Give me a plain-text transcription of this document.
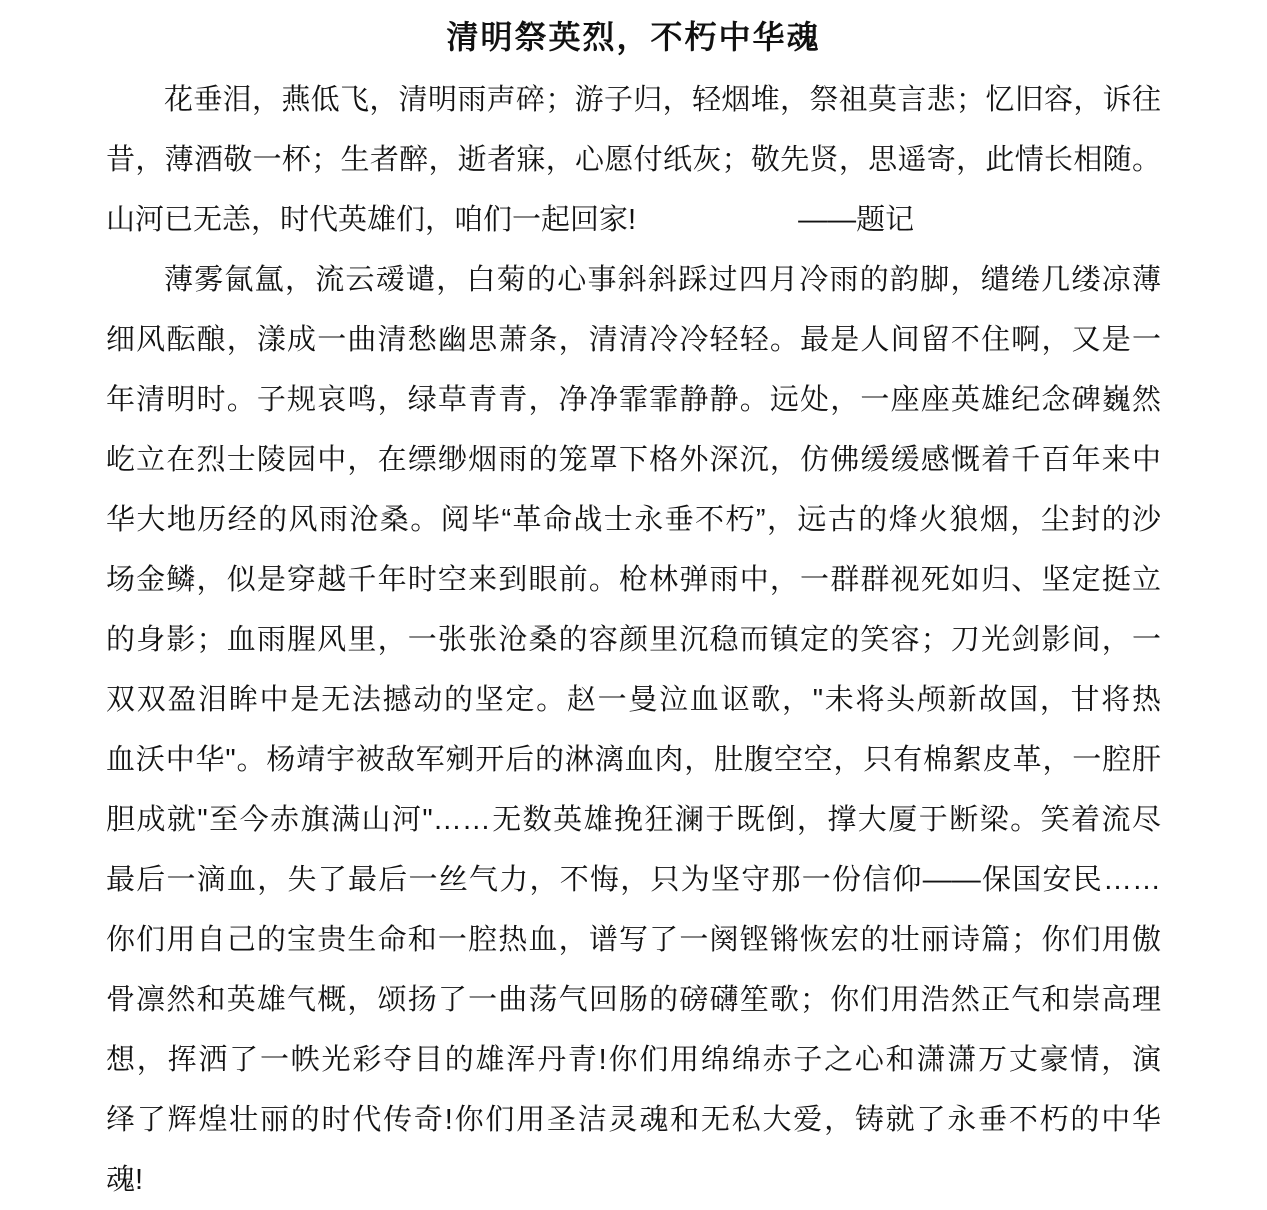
清明祭英烈，不朽中华魂
花垂泪，燕低飞，清明雨声碎；游子归，轻烟堆，祭祖莫言悲；忆旧容，诉往
昔，薄酒敬一杯；生者醉，逝者寐，心愿付纸灰；敬先贤，思遥寄，此情长相随。
山河已无恙，时代英雄们，咱们一起回家!	——题记
薄雾氤氲，流云叆谴，白菊的心事斜斜踩过四月冷雨的韵脚，缱绻几缕凉薄
细风酝酿，漾成一曲清愁幽思萧条，清清冷冷轻轻。最是人间留不住啊，又是一
年清明时。子规哀鸣，绿草青青，净净霏霏静静。远处，一座座英雄纪念碑巍然
屹立在烈士陵园中，在缥缈烟雨的笼罩下格外深沉，仿佛缓缓感慨着千百年来中
华大地历经的风雨沧桑。阅毕“革命战士永垂不朽”，远古的烽火狼烟，尘封的沙
场金鳞，似是穿越千年时空来到眼前。枪林弹雨中，一群群视死如归、坚定挺立
的身影；血雨腥风里，一张张沧桑的容颜里沉稳而镇定的笑容；刀光剑影间，一
双双盈泪眸中是无法撼动的坚定。赵一曼泣血讴歌，"未将头颅新故国，甘将热
血沃中华"。杨靖宇被敌军剜开后的淋漓血肉，肚腹空空，只有棉絮皮革，一腔肝
胆成就"至今赤旗满山河"……无数英雄挽狂澜于既倒，撑大厦于断梁。笑着流尽
最后一滴血，失了最后一丝气力，不悔，只为坚守那一份信仰——保国安民……
你们用自己的宝贵生命和一腔热血，谱写了一阕铿锵恢宏的壮丽诗篇；你们用傲
骨凛然和英雄气概，颂扬了一曲荡气回肠的磅礴笙歌；你们用浩然正气和崇高理
想，挥洒了一帙光彩夺目的雄浑丹青!你们用绵绵赤子之心和潇潇万丈豪情，演
绎了辉煌壮丽的时代传奇!你们用圣洁灵魂和无私大爱，铸就了永垂不朽的中华
魂!
